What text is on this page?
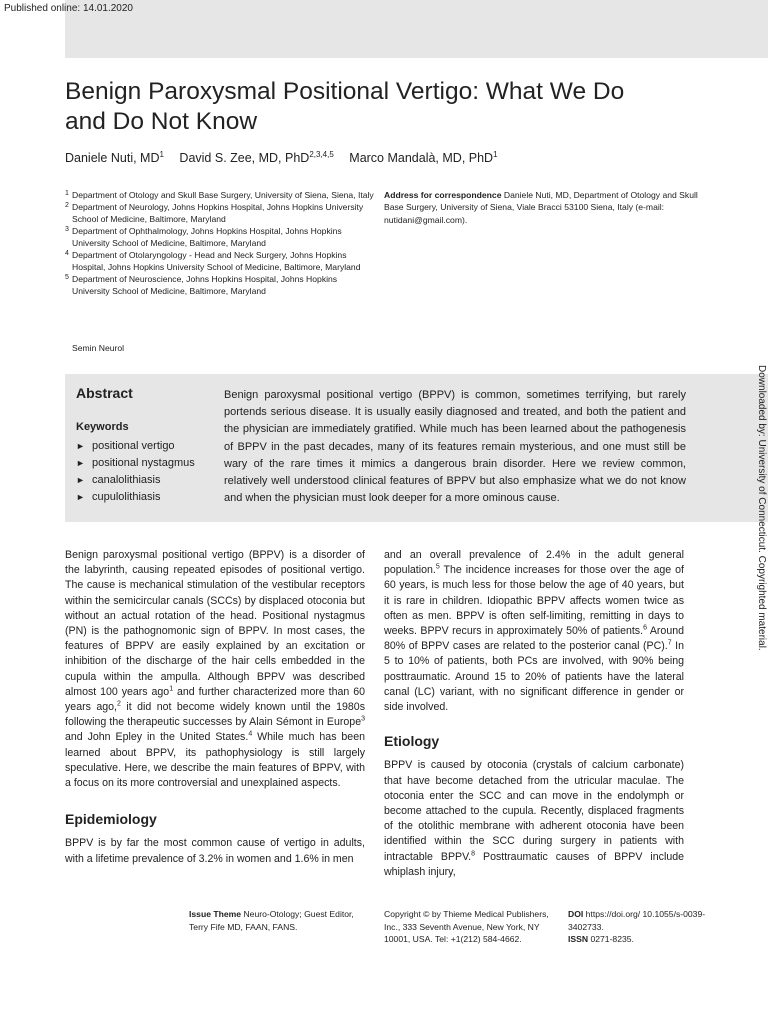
Published online: 14.01.2020
Benign Paroxysmal Positional Vertigo: What We Do and Do Not Know
Daniele Nuti, $MD^1$ David S. Zee, MD, PhD$^{2,3,4,5}$ Marco Mandalà, MD, PhD$^1$
1 Department of Otology and Skull Base Surgery, University of Siena, Siena, Italy
2 Department of Neurology, Johns Hopkins Hospital, Johns Hopkins University School of Medicine, Baltimore, Maryland
3 Department of Ophthalmology, Johns Hopkins Hospital, Johns Hopkins University School of Medicine, Baltimore, Maryland
4 Department of Otolaryngology - Head and Neck Surgery, Johns Hopkins Hospital, Johns Hopkins University School of Medicine, Baltimore, Maryland
5 Department of Neuroscience, Johns Hopkins Hospital, Johns Hopkins University School of Medicine, Baltimore, Maryland
Semin Neurol
Address for correspondence Daniele Nuti, MD, Department of Otology and Skull Base Surgery, University of Siena, Viale Bracci 53100 Siena, Italy (e-mail: nutidani@gmail.com).
Abstract
Keywords
► positional vertigo
► positional nystagmus
► canalolithiasis
► cupulolithiasis
Benign paroxysmal positional vertigo (BPPV) is common, sometimes terrifying, but rarely portends serious disease. It is usually easily diagnosed and treated, and both the patient and the physician are immediately gratified. While much has been learned about the pathogenesis of BPPV in the past decades, many of its features remain mysterious, and one must still be wary of the rare times it mimics a dangerous brain disorder. Here we review common, relatively well understood clinical features of BPPV but also emphasize what we do not know and when the physician must look deeper for a more ominous cause.

Benign paroxysmal positional vertigo (BPPV) is a disorder of the labyrinth, causing repeated episodes of positional vertigo. The cause is mechanical stimulation of the vestibular receptors within the semicircular canals (SCCs) by displaced otoconia but without an actual rotation of the head. Positional nystagmus (PN) is the pathognomonic sign of BPPV. In most cases, the features of BPPV are easily explained by an excitation or inhibition of the discharge of the hair cells embedded in the cupula within the ampulla. Although BPPV was described almost 100 years ago$^1$ and further characterized more than 60 years ago,$^2$ it did not become widely known until the 1980s following the therapeutic successes by Alain Sémont in Europe$^3$ and John Epley in the United States.$^4$ While much has been learned about BPPV, its pathophysiology is still largely speculative. Here, we describe the main features of BPPV, with a focus on its more controversial and unexplained aspects.

Epidemiology

BPPV is by far the most common cause of vertigo in adults, with a lifetime prevalence of 3.2% in women and 1.6% in men

and an overall prevalence of 2.4% in the adult general population.$^5$ The incidence increases for those over the age of 60 years, is much less for those below the age of 40 years, but it is rare in children. Idiopathic BPPV affects women twice as often as men. BPPV is often self-limiting, remitting in days to weeks. BPPV recurs in approximately 50% of patients.$^6$ Around 80% of BPPV cases are related to the posterior canal (PC).$^7$ In 5 to 10% of patients, both PCs are involved, with 90% being posttraumatic. Around 15 to 20% of patients have the lateral canal (LC) variant, with no significant difference in gender or side involved.

Etiology

BPPV is caused by otoconia (crystals of calcium carbonate) that have become detached from the utricular maculae. The otoconia enter the SCC and can move in the endolymph or become attached to the cupula. Recently, displaced fragments of the otolithic membrane with adherent otoconia have been identified within the SCC during surgery in patients with intractable BPPV.$^8$ Posttraumatic causes of BPPV include whiplash injury,

Issue Theme Neuro-Otology; Guest Editor, Terry Fife MD, FAAN, FANS.
Copyright © by Thieme Medical Publishers, Inc., 333 Seventh Avenue, New York, NY 10001, USA. Tel: +1(212) 584-4662.
DOI https://doi.org/ 10.1055/s-0039-3402733.
ISSN 0271-8235.
Downloaded by: University of Connecticut. Copyrighted material.
